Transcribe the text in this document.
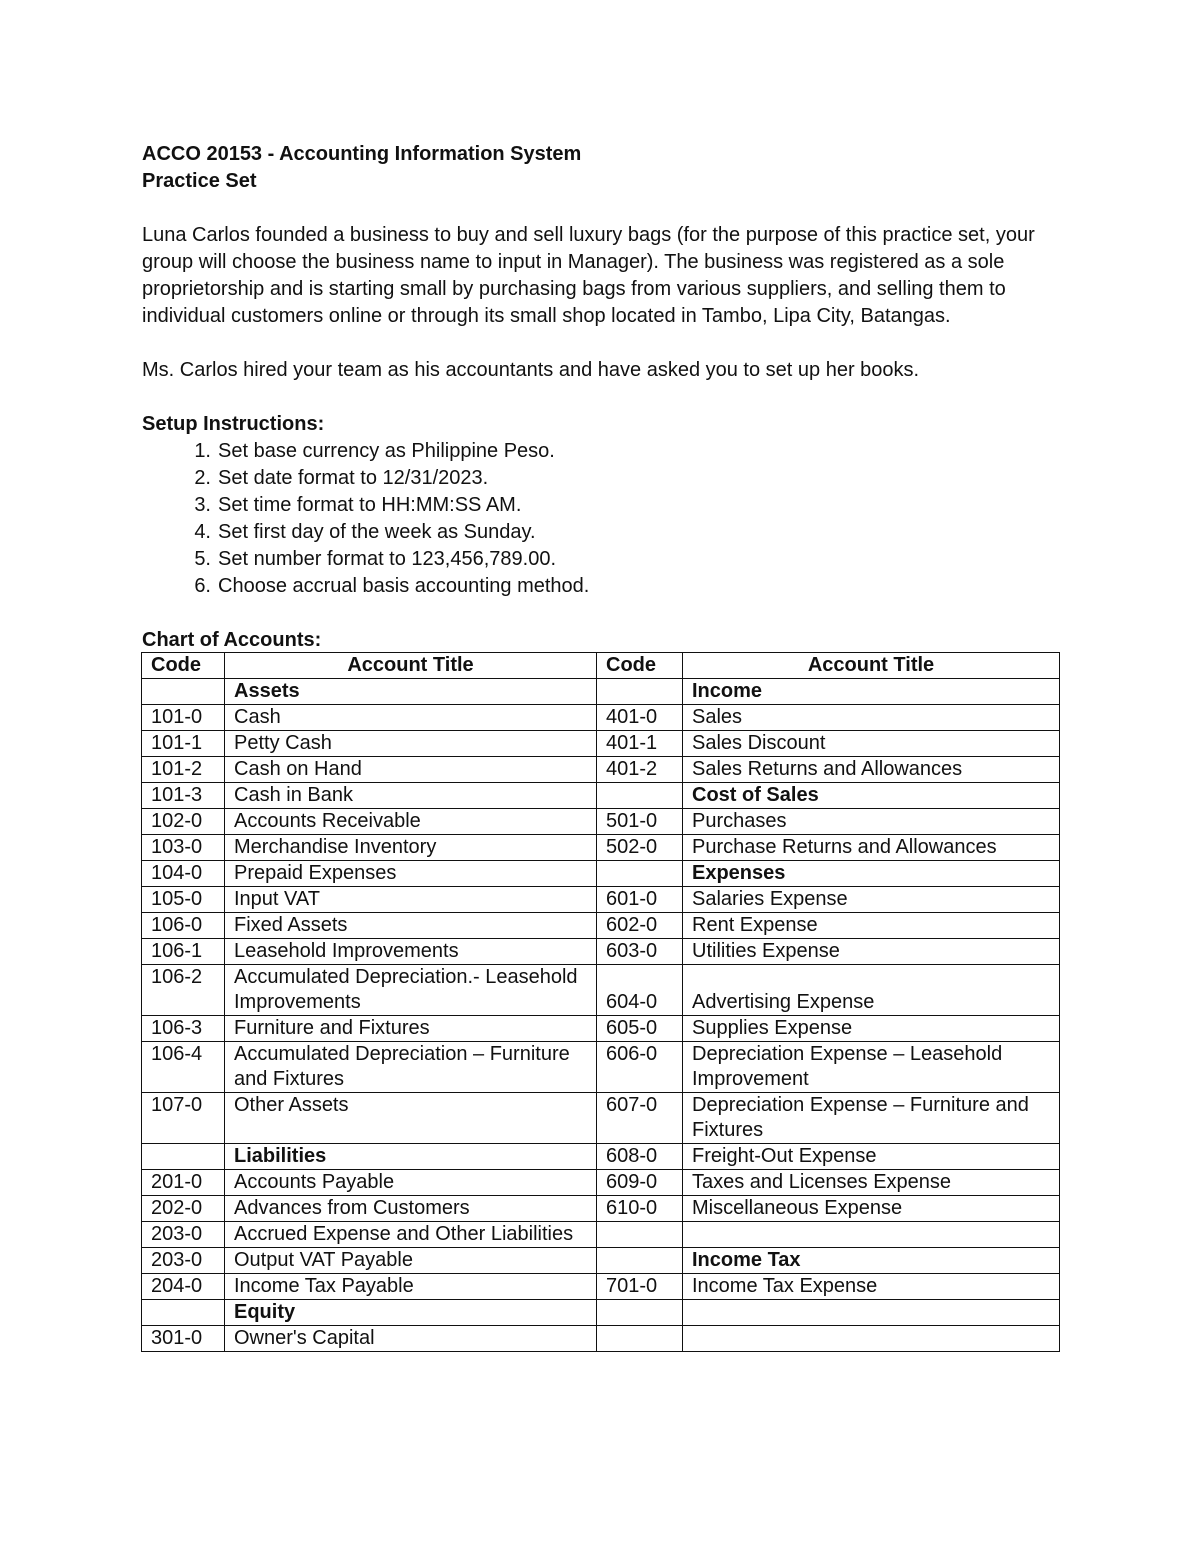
ACCO 20153 - Accounting Information System
Practice Set

Luna Carlos founded a business to buy and sell luxury bags (for the purpose of this practice set, your group will choose the business name to input in Manager). The business was registered as a sole proprietorship and is starting small by purchasing bags from various suppliers, and selling them to individual customers online or through its small shop located in Tambo, Lipa City, Batangas.

Ms. Carlos hired your team as his accountants and have asked you to set up her books.

Setup Instructions:
1. Set base currency as Philippine Peso.
2. Set date format to 12/31/2023.
3. Set time format to HH:MM:SS AM.
4. Set first day of the week as Sunday.
5. Set number format to 123,456,789.00.
6. Choose accrual basis accounting method.
Chart of Accounts:
Code	Account Title	Code	Account Title
	Assets		Income
101-0	Cash	401-0	Sales
101-1	Petty Cash	401-1	Sales Discount
101-2	Cash on Hand	401-2	Sales Returns and Allowances
101-3	Cash in Bank		Cost of Sales
102-0	Accounts Receivable	501-0	Purchases
103-0	Merchandise Inventory	502-0	Purchase Returns and Allowances
104-0	Prepaid Expenses		Expenses
105-0	Input VAT	601-0	Salaries Expense
106-0	Fixed Assets	602-0	Rent Expense
106-1	Leasehold Improvements	603-0	Utilities Expense
106-2	Accumulated Depreciation.- Leasehold Improvements	604-0	Advertising Expense
106-3	Furniture and Fixtures	605-0	Supplies Expense
106-4	Accumulated Depreciation – Furniture and Fixtures	606-0	Depreciation Expense – Leasehold Improvement
107-0	Other Assets	607-0	Depreciation Expense – Furniture and Fixtures
	Liabilities	608-0	Freight-Out Expense
201-0	Accounts Payable	609-0	Taxes and Licenses Expense
202-0	Advances from Customers	610-0	Miscellaneous Expense
203-0	Accrued Expense and Other Liabilities		
203-0	Output VAT Payable		Income Tax
204-0	Income Tax Payable	701-0	Income Tax Expense
	Equity		
301-0	Owner's Capital		
